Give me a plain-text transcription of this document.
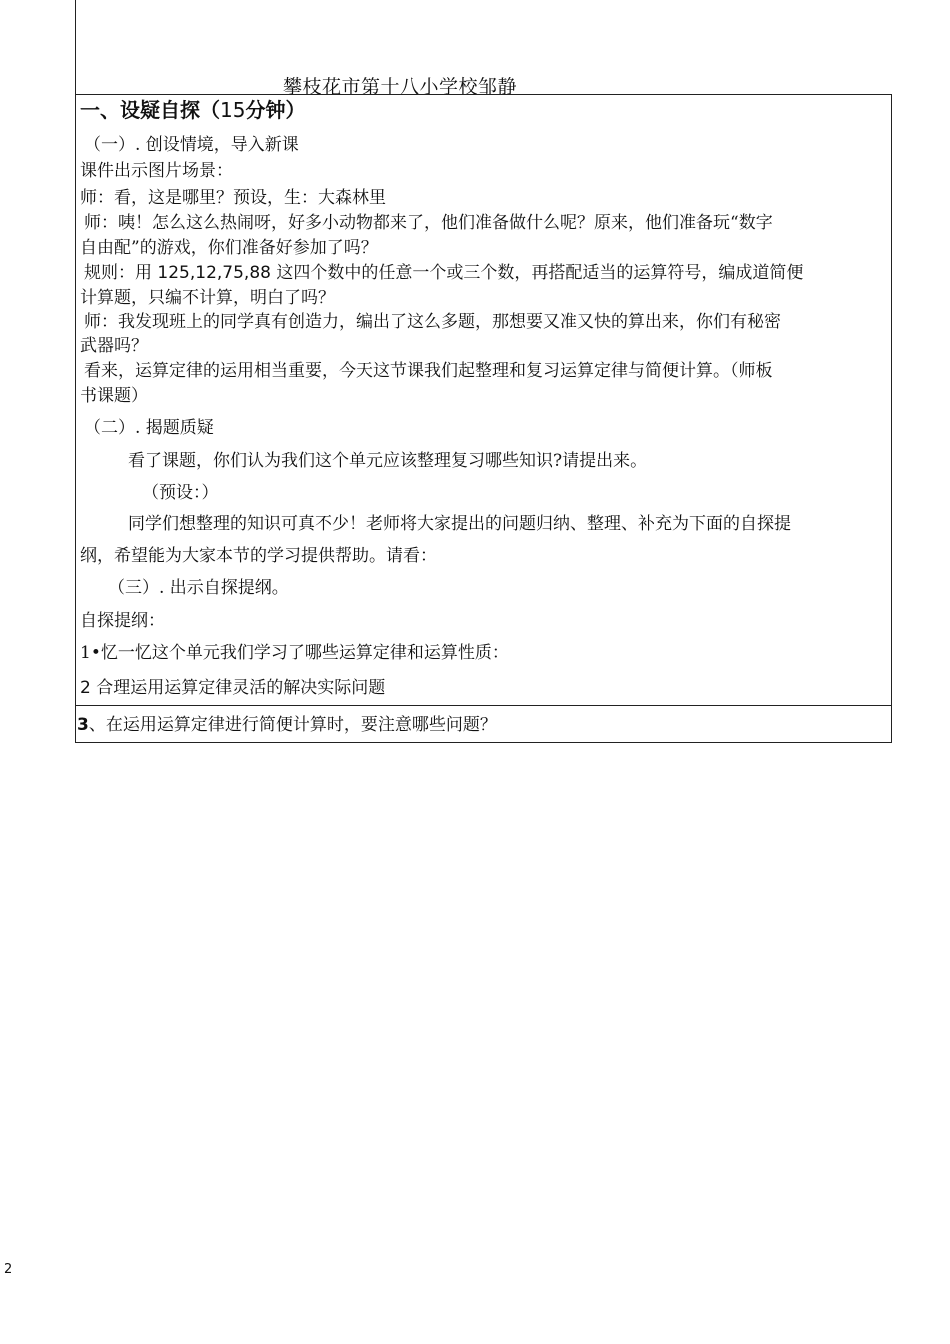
攀枝花市第十八小学校邹静
一、设疑自探（15分钟）
（一）. 创设情境，导入新课
课件出示图片场景：
师：看，这是哪里？预设，生：大森林里
师：咦！怎么这么热闹呀，好多小动物都来了，他们准备做什么呢？原来，他们准备玩“数字
自由配”的游戏，你们准备好参加了吗？
规则：用 125,12,75,88 这四个数中的任意一个或三个数，再搭配适当的运算符号，编成道简便
计算题，只编不计算，明白了吗？
师：我发现班上的同学真有创造力，编出了这么多题，那想要又准又快的算出来，你们有秘密
武器吗？
看来，运算定律的运用相当重要，今天这节课我们起整理和复习运算定律与简便计算。（师板
书课题）
（二）. 揭题质疑
看了课题，你们认为我们这个单元应该整理复习哪些知识?请提出来。
（预设：）
同学们想整理的知识可真不少！老师将大家提出的问题归纳、整理、补充为下面的自探提
纲，希望能为大家本节的学习提供帮助。请看：
（三）. 出示自探提纲。
自探提纲：
1•忆一忆这个单元我们学习了哪些运算定律和运算性质：
2 合理运用运算定律灵活的解决实际问题
3、在运用运算定律进行简便计算时，要注意哪些问题？
2
